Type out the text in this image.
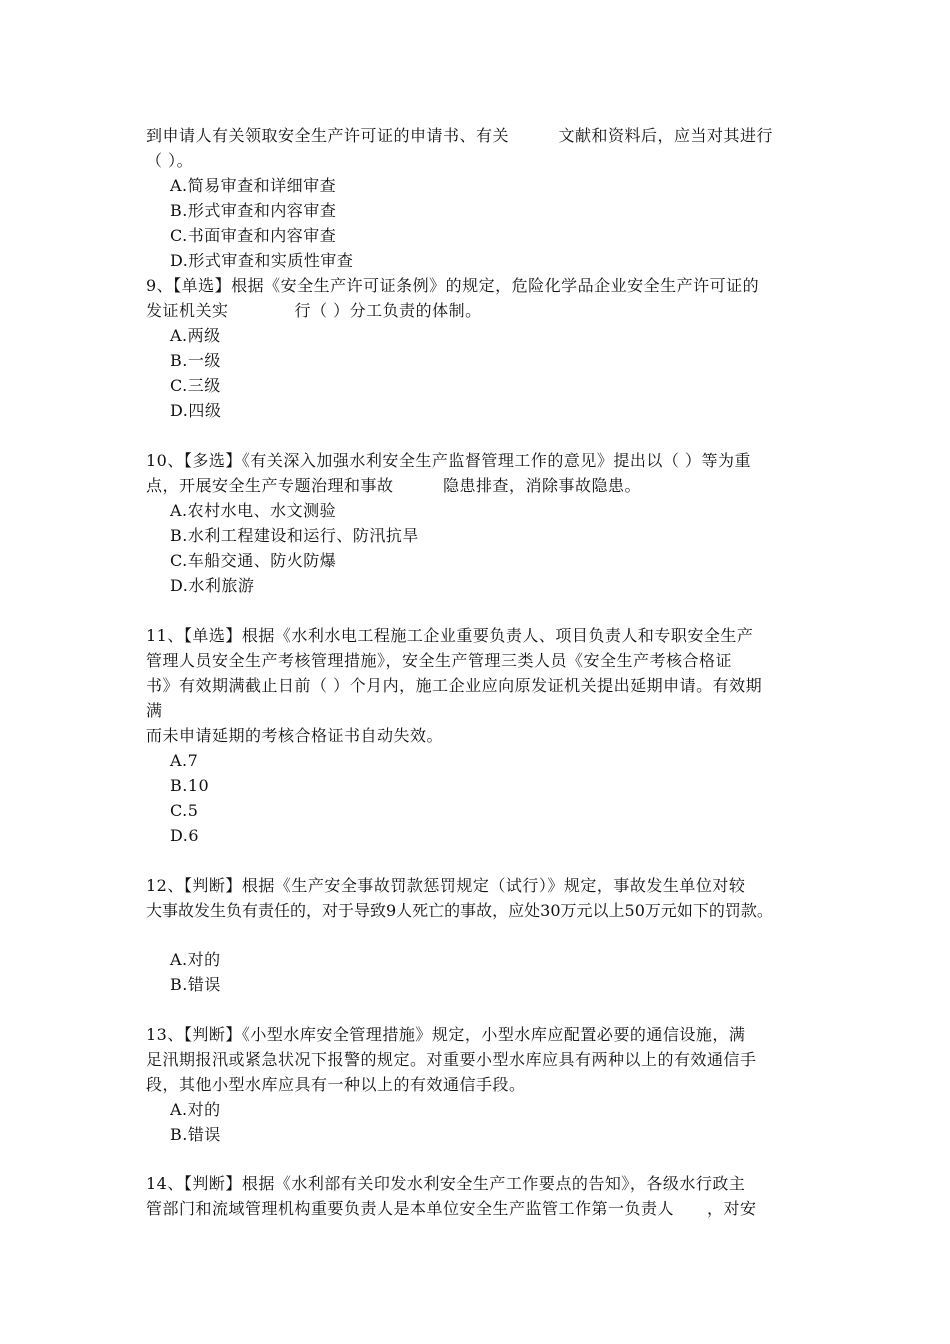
到申请人有关领取安全生产许可证的申请书、有关　　　文献和资料后，应当对其进行
（ ）。
A.简易审查和详细审查
B.形式审查和内容审查
C.书面审查和内容审查
D.形式审查和实质性审查
9、【单选】根据《安全生产许可证条例》的规定，危险化学品企业安全生产许可证的
发证机关实　　　　行（ ）分工负责的体制。
A.两级
B.一级
C.三级
D.四级
10、【多选】《有关深入加强水利安全生产监督管理工作的意见》提出以（ ）等为重
点，开展安全生产专题治理和事故　　　隐患排查，消除事故隐患。
A.农村水电、水文测验
B.水利工程建设和运行、防汛抗旱
C.车船交通、防火防爆
D.水利旅游
11、【单选】根据《水利水电工程施工企业重要负责人、项目负责人和专职安全生产
管理人员安全生产考核管理措施》，安全生产管理三类人员《安全生产考核合格证
书》有效期满截止日前（ ）个月内，施工企业应向原发证机关提出延期申请。有效期
满
而未申请延期的考核合格证书自动失效。
A.7
B.10
C.5
D.6
12、【判断】根据《生产安全事故罚款惩罚规定（试行）》规定，事故发生单位对较
大事故发生负有责任的，对于导致9人死亡的事故，应处30万元以上50万元如下的罚款。
A.对的
B.错误
13、【判断】《小型水库安全管理措施》规定，小型水库应配置必要的通信设施，满
足汛期报汛或紧急状况下报警的规定。对重要小型水库应具有两种以上的有效通信手
段，其他小型水库应具有一种以上的有效通信手段。
A.对的
B.错误
14、【判断】根据《水利部有关印发水利安全生产工作要点的告知》，各级水行政主
管部门和流域管理机构重要负责人是本单位安全生产监管工作第一负责人　　，对安
